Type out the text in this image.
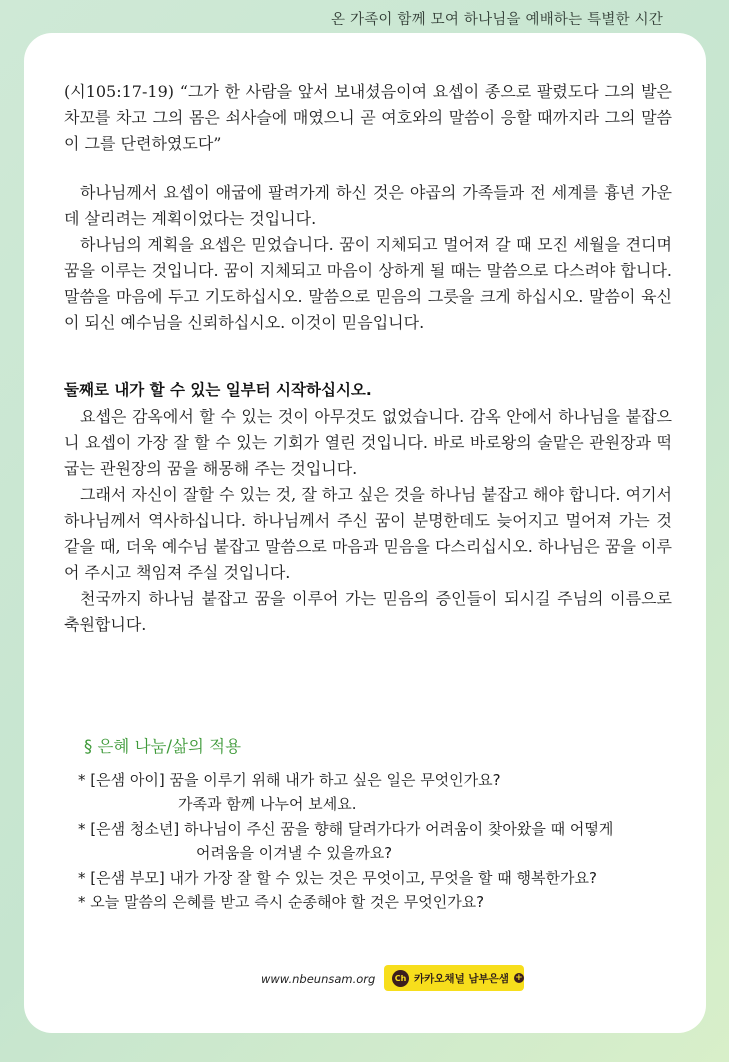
온 가족이 함께 모여 하나님을 예배하는 특별한 시간

(시105:17-19) “그가 한 사람을 앞서 보내셨음이여 요셉이 종으로 팔렸도다 그의 발은 차꼬를 차고 그의 몸은 쇠사슬에 매였으니 곧 여호와의 말씀이 응할 때까지라 그의 말씀이 그를 단련하였도다”

하나님께서 요셉이 애굽에 팔려가게 하신 것은 야곱의 가족들과 전 세계를 흉년 가운데 살리려는 계획이었다는 것입니다.
하나님의 계획을 요셉은 믿었습니다. 꿈이 지체되고 멀어져 갈 때 모진 세월을 견디며 꿈을 이루는 것입니다. 꿈이 지체되고 마음이 상하게 될 때는 말씀으로 다스려야 합니다. 말씀을 마음에 두고 기도하십시오. 말씀으로 믿음의 그릇을 크게 하십시오. 말씀이 육신이 되신 예수님을 신뢰하십시오. 이것이 믿음입니다.
둘째로 내가 할 수 있는 일부터 시작하십시오.
요셉은 감옥에서 할 수 있는 것이 아무것도 없었습니다. 감옥 안에서 하나님을 붙잡으니 요셉이 가장 잘 할 수 있는 기회가 열린 것입니다. 바로 바로왕의 술맡은 관원장과 떡굽는 관원장의 꿈을 해몽해 주는 것입니다.
그래서 자신이 잘할 수 있는 것, 잘 하고 싶은 것을 하나님 붙잡고 해야 합니다. 여기서 하나님께서 역사하십니다. 하나님께서 주신 꿈이 분명한데도 늦어지고 멀어져 가는 것 같을 때, 더욱 예수님 붙잡고 말씀으로 마음과 믿음을 다스리십시오. 하나님은 꿈을 이루어 주시고 책임져 주실 것입니다.
천국까지 하나님 붙잡고 꿈을 이루어 가는 믿음의 증인들이 되시길 주님의 이름으로 축원합니다.
§ 은혜 나눔/삶의 적용
* [은샘 아이] 꿈을 이루기 위해 내가 하고 싶은 일은 무엇인가요?
가족과 함께 나누어 보세요.
* [은샘 청소년] 하나님이 주신 꿈을 향해 달려가다가 어려움이 찾아왔을 때 어떻게
어려움을 이겨낼 수 있을까요?
* [은샘 부모] 내가 가장 잘 할 수 있는 것은 무엇이고, 무엇을 할 때 행복한가요?
* 오늘 말씀의 은혜를 받고 즉시 순종해야 할 것은 무엇인가요?
www.nbeunsam.org	Ch 카카오채널 남부은샘 +
